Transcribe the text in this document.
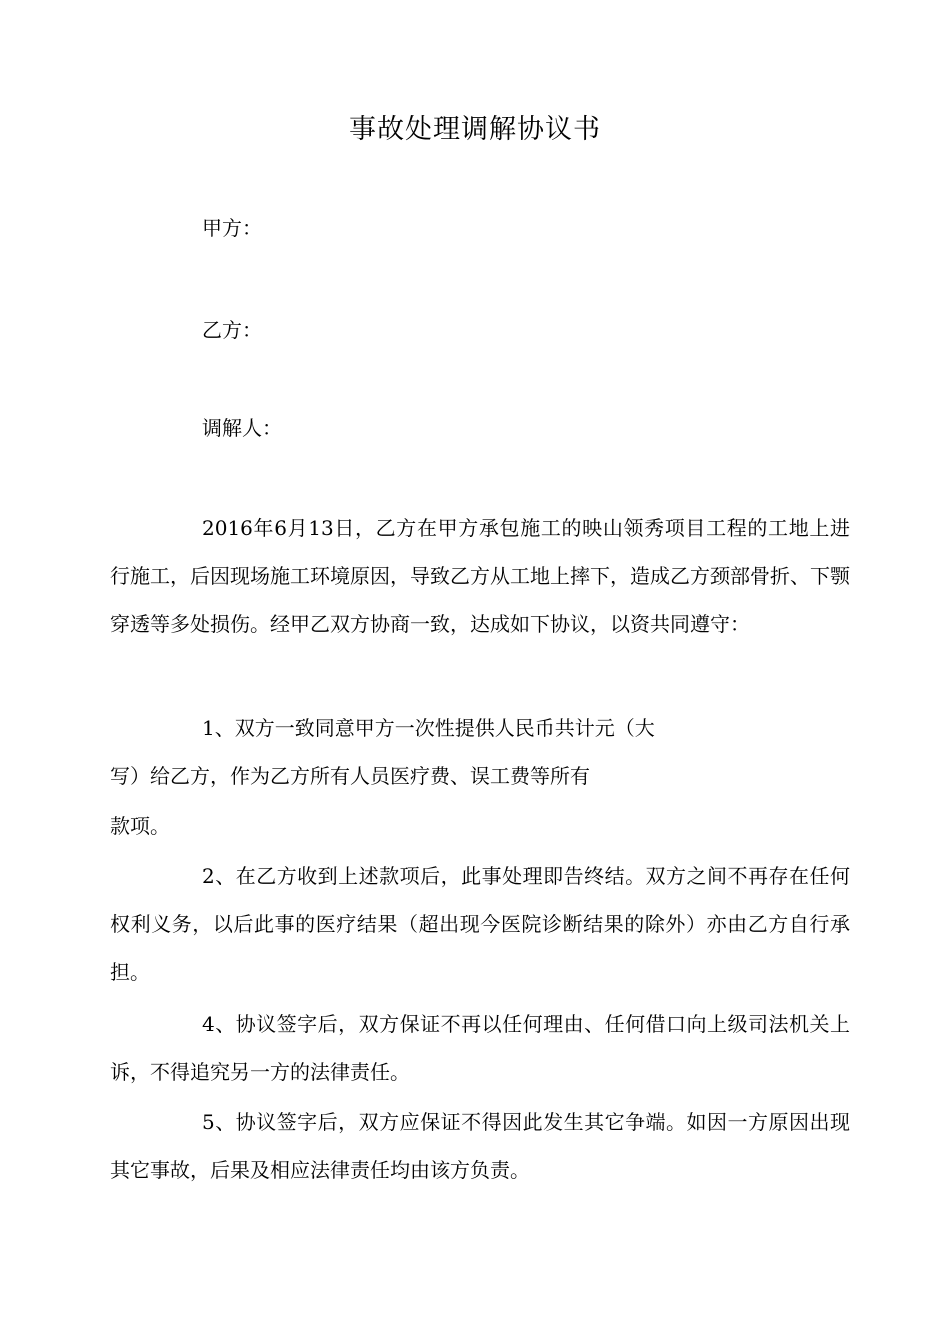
事故处理调解协议书
甲方：
乙方：
调解人：
2016年6月13日，乙方在甲方承包施工的映山领秀项目工程的工地上进行施工，后因现场施工环境原因，导致乙方从工地上摔下，造成乙方颈部骨折、下颚穿透等多处损伤。经甲乙双方协商一致，达成如下协议，以资共同遵守：
1、双方一致同意甲方一次性提供人民币共计元（大
写）给乙方，作为乙方所有人员医疗费、误工费等所有
款项。
2、在乙方收到上述款项后，此事处理即告终结。双方之间不再存在任何权利义务，以后此事的医疗结果（超出现今医院诊断结果的除外）亦由乙方自行承担。
4、协议签字后，双方保证不再以任何理由、任何借口向上级司法机关上诉，不得追究另一方的法律责任。
5、协议签字后，双方应保证不得因此发生其它争端。如因一方原因出现其它事故，后果及相应法律责任均由该方负责。
